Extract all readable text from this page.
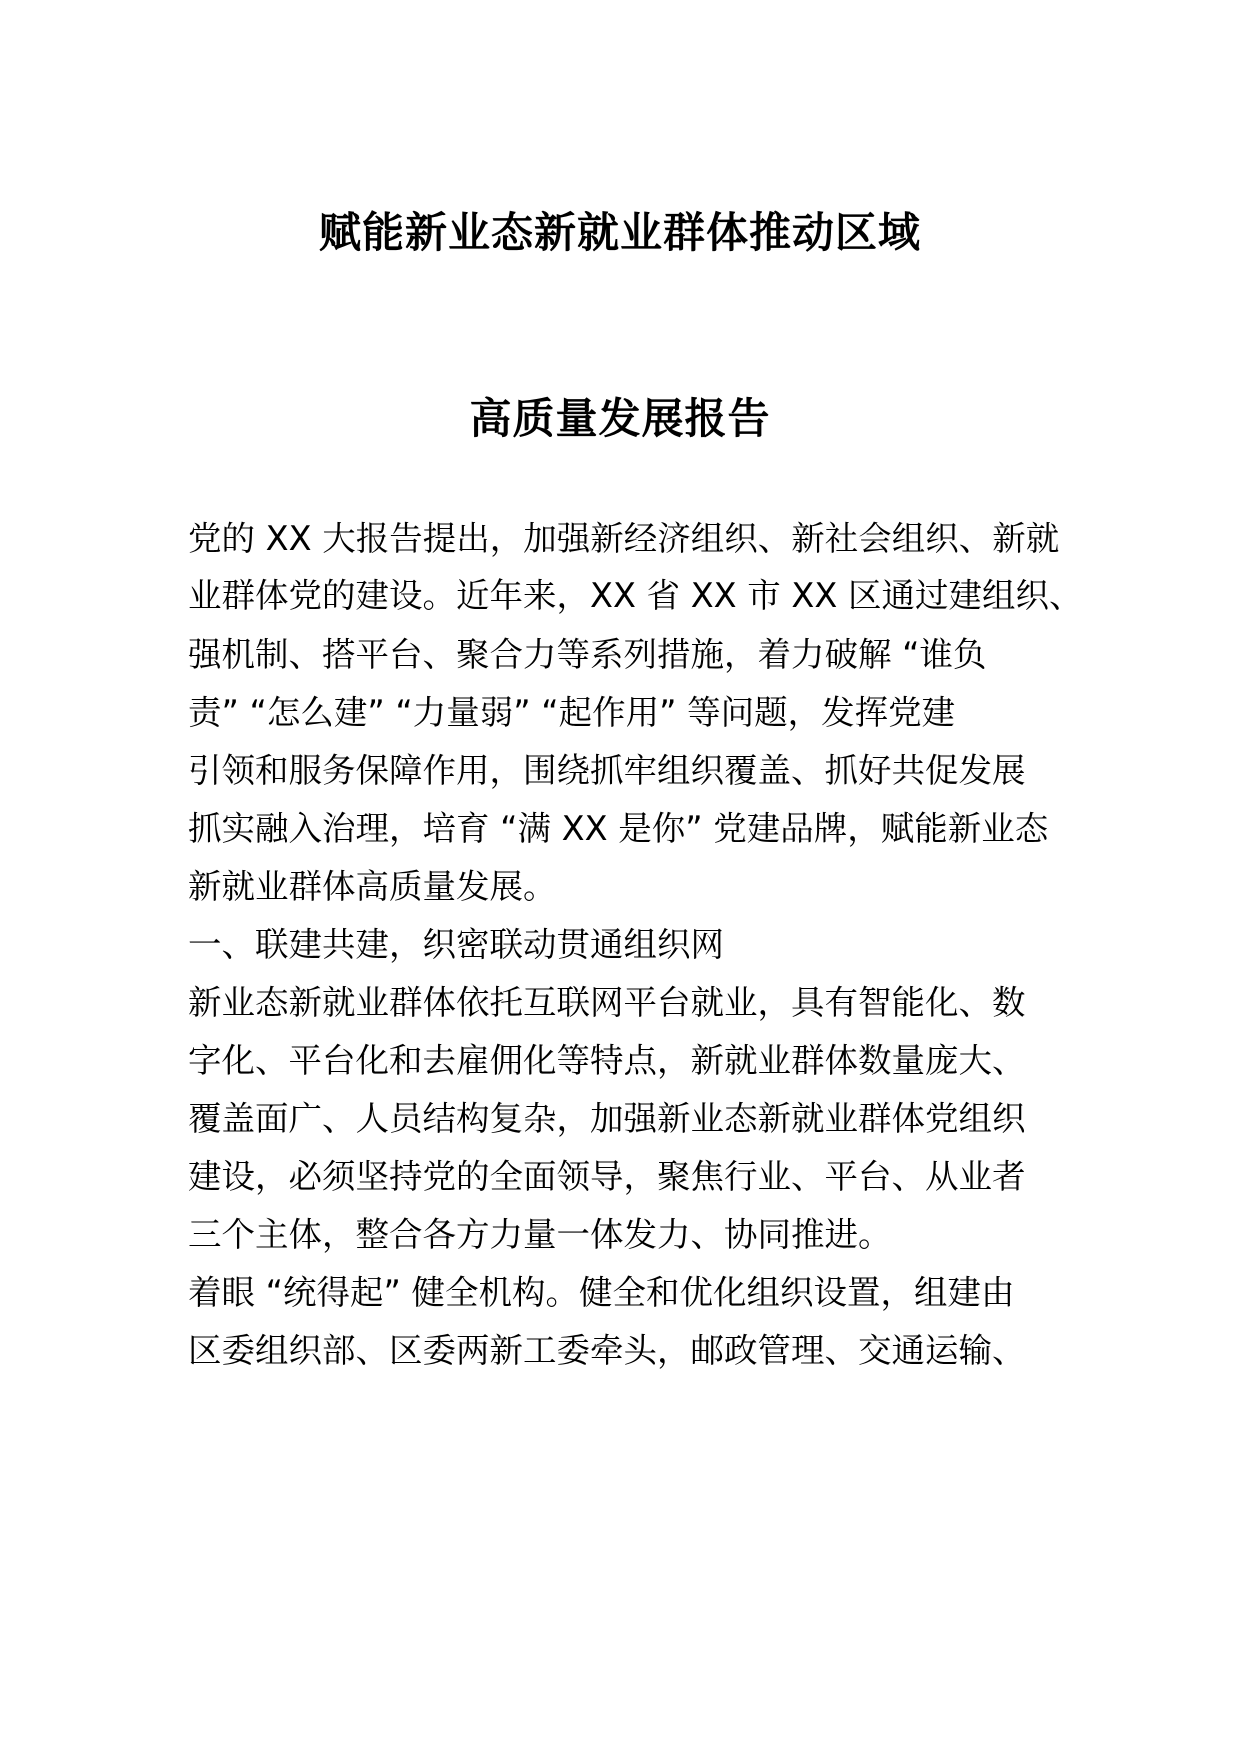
赋能新业态新就业群体推动区域
高质量发展报告
党的 XX 大报告提出，加强新经济组织、新社会组织、新就
业群体党的建设。近年来，XX 省 XX 市 XX 区通过建组织、
强机制、搭平台、聚合力等系列措施，着力破解 “谁负
责” “怎么建” “力量弱” “起作用” 等问题，发挥党建
引领和服务保障作用，围绕抓牢组织覆盖、抓好共促发展
抓实融入治理，培育 “满 XX 是你” 党建品牌，赋能新业态
新就业群体高质量发展。
一、联建共建，织密联动贯通组织网
新业态新就业群体依托互联网平台就业，具有智能化、数
字化、平台化和去雇佣化等特点，新就业群体数量庞大、
覆盖面广、人员结构复杂，加强新业态新就业群体党组织
建设，必须坚持党的全面领导，聚焦行业、平台、从业者
三个主体，整合各方力量一体发力、协同推进。
着眼 “统得起” 健全机构。健全和优化组织设置，组建由
区委组织部、区委两新工委牵头，邮政管理、交通运输、
